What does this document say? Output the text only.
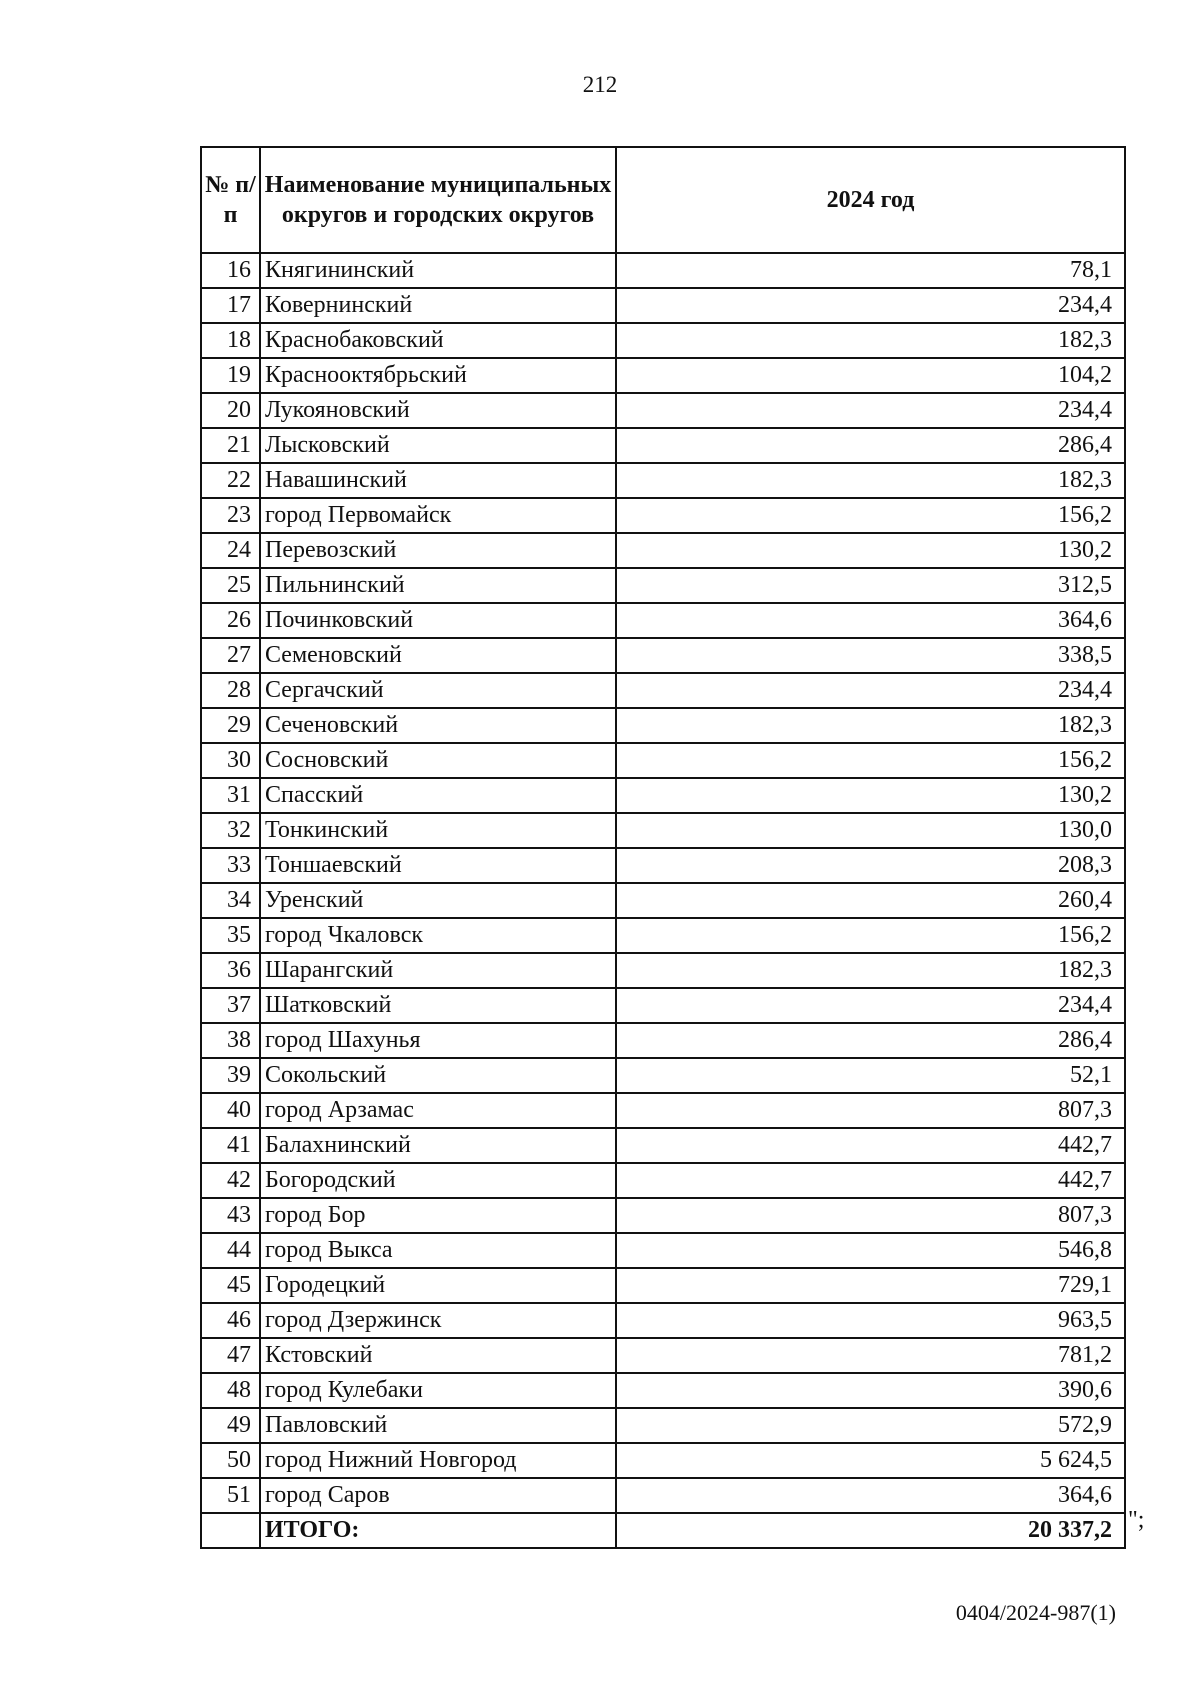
212
№ п/п	Наименование муниципальных округов и городских округов	2024 год
16	Княгининский	78,1
17	Ковернинский	234,4
18	Краснобаковский	182,3
19	Краснооктябрьский	104,2
20	Лукояновский	234,4
21	Лысковский	286,4
22	Навашинский	182,3
23	город Первомайск	156,2
24	Перевозский	130,2
25	Пильнинский	312,5
26	Починковский	364,6
27	Семеновский	338,5
28	Сергачский	234,4
29	Сеченовский	182,3
30	Сосновский	156,2
31	Спасский	130,2
32	Тонкинский	130,0
33	Тоншаевский	208,3
34	Уренский	260,4
35	город Чкаловск	156,2
36	Шарангский	182,3
37	Шатковский	234,4
38	город Шахунья	286,4
39	Сокольский	52,1
40	город Арзамас	807,3
41	Балахнинский	442,7
42	Богородский	442,7
43	город Бор	807,3
44	город Выкса	546,8
45	Городецкий	729,1
46	город Дзержинск	963,5
47	Кстовский	781,2
48	город Кулебаки	390,6
49	Павловский	572,9
50	город Нижний Новгород	5 624,5
51	город Саров	364,6
	ИТОГО:	20 337,2 ";
0404/2024-987(1)
